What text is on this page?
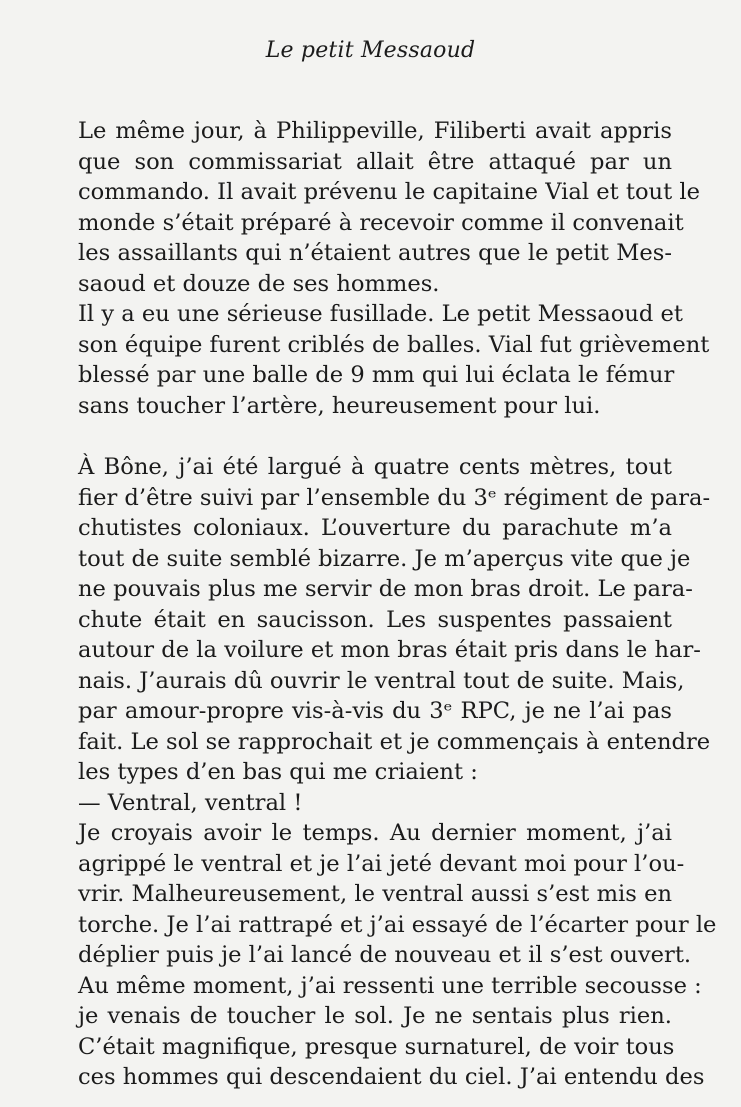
Le petit Messaoud
Le même jour, à Philippeville, Filiberti avait appris
que son commissariat allait être attaqué par un
commando. Il avait prévenu le capitaine Vial et tout le
monde s’était préparé à recevoir comme il convenait
les assaillants qui n’étaient autres que le petit Mes-
saoud et douze de ses hommes.
Il y a eu une sérieuse fusillade. Le petit Messaoud et
son équipe furent criblés de balles. Vial fut grièvement
blessé par une balle de 9 mm qui lui éclata le fémur
sans toucher l’artère, heureusement pour lui.
À Bône, j’ai été largué à quatre cents mètres, tout
fier d’être suivi par l’ensemble du 3ᵉ régiment de para-
chutistes coloniaux. L’ouverture du parachute m’a
tout de suite semblé bizarre. Je m’aperçus vite que je
ne pouvais plus me servir de mon bras droit. Le para-
chute était en saucisson. Les suspentes passaient
autour de la voilure et mon bras était pris dans le har-
nais. J’aurais dû ouvrir le ventral tout de suite. Mais,
par amour-propre vis-à-vis du 3ᵉ RPC, je ne l’ai pas
fait. Le sol se rapprochait et je commençais à entendre
les types d’en bas qui me criaient :
— Ventral, ventral !
Je croyais avoir le temps. Au dernier moment, j’ai
agrippé le ventral et je l’ai jeté devant moi pour l’ou-
vrir. Malheureusement, le ventral aussi s’est mis en
torche. Je l’ai rattrapé et j’ai essayé de l’écarter pour le
déplier puis je l’ai lancé de nouveau et il s’est ouvert.
Au même moment, j’ai ressenti une terrible secousse :
je venais de toucher le sol. Je ne sentais plus rien.
C’était magnifique, presque surnaturel, de voir tous
ces hommes qui descendaient du ciel. J’ai entendu des
